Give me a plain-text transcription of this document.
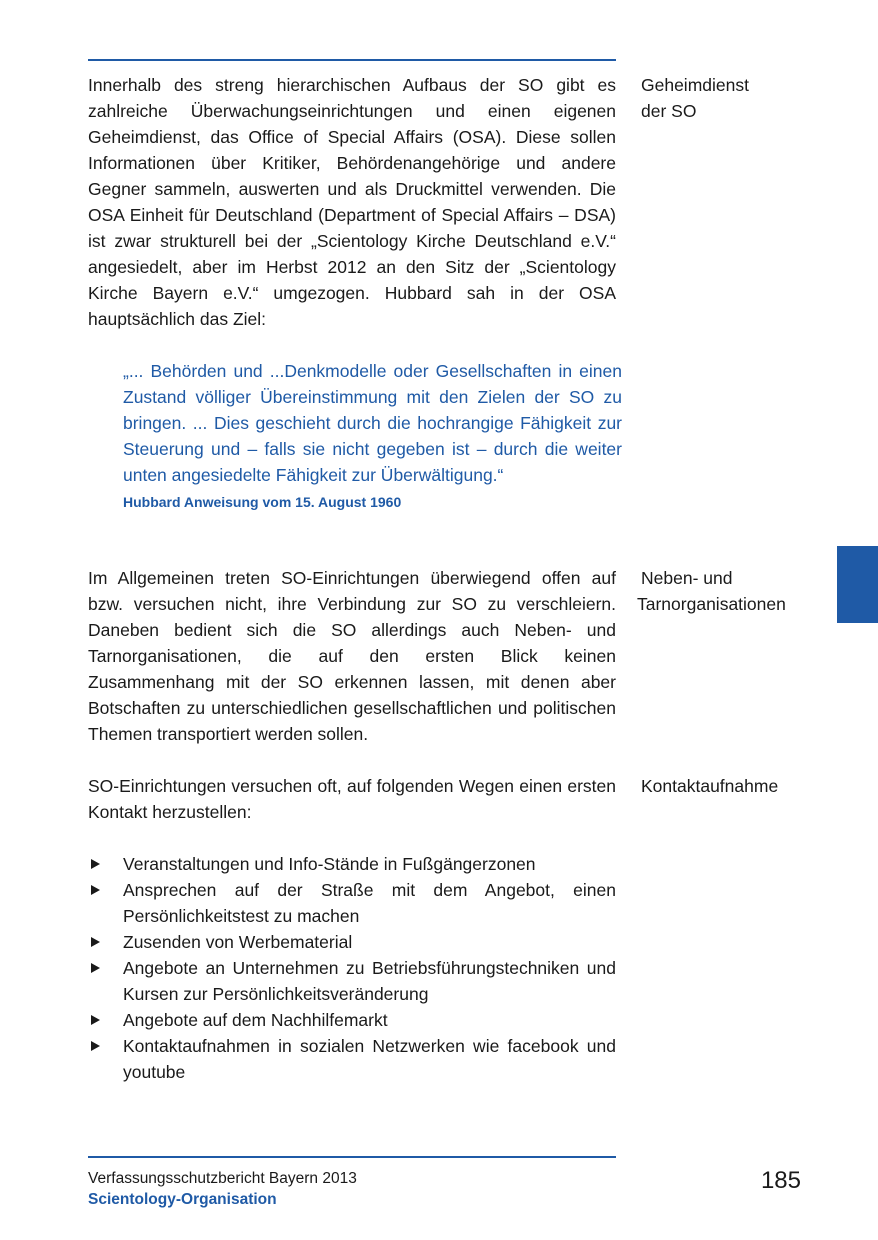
Innerhalb des streng hierarchischen Aufbaus der SO gibt es zahlreiche Überwachungseinrichtungen und einen eigenen Geheimdienst, das Office of Special Affairs (OSA). Diese sollen Informationen über Kritiker, Behördenangehörige und andere Gegner sammeln, auswerten und als Druckmittel verwenden. Die OSA Einheit für Deutschland (Department of Special Affairs – DSA) ist zwar strukturell bei der „Scientology Kirche Deutschland e.V.“ angesiedelt, aber im Herbst 2012 an den Sitz der „Scientology Kirche Bayern e.V.“ umgezogen. Hubbard sah in der OSA hauptsächlich das Ziel:

Geheimdienst
der SO

„... Behörden und ...Denkmodelle oder Gesellschaften in einen Zustand völliger Übereinstimmung mit den Zielen der SO zu bringen. ... Dies geschieht durch die hochrangige Fähigkeit zur Steuerung und – falls sie nicht gegeben ist – durch die weiter unten angesiedelte Fähigkeit zur Überwältigung.“

Hubbard Anweisung vom 15. August 1960

Im Allgemeinen treten SO-Einrichtungen überwiegend offen auf bzw. versuchen nicht, ihre Verbindung zur SO zu verschleiern. Daneben bedient sich die SO allerdings auch Neben- und Tarnorganisationen, die auf den ersten Blick keinen Zusammenhang mit der SO erkennen lassen, mit denen aber Botschaften zu unterschiedlichen gesellschaftlichen und politischen Themen transportiert werden sollen.

Neben- und
Tarnorganisationen

SO-Einrichtungen versuchen oft, auf folgenden Wegen einen ersten Kontakt herzustellen:

Kontaktaufnahme
Veranstaltungen und Info-Stände in Fußgängerzonen
Ansprechen auf der Straße mit dem Angebot, einen Persönlichkeitstest zu machen
Zusenden von Werbematerial
Angebote an Unternehmen zu Betriebsführungstechniken und Kursen zur Persönlichkeitsveränderung
Angebote auf dem Nachhilfemarkt
Kontaktaufnahmen in sozialen Netzwerken wie facebook und youtube
Verfassungsschutzbericht Bayern 2013
Scientology-Organisation
185
